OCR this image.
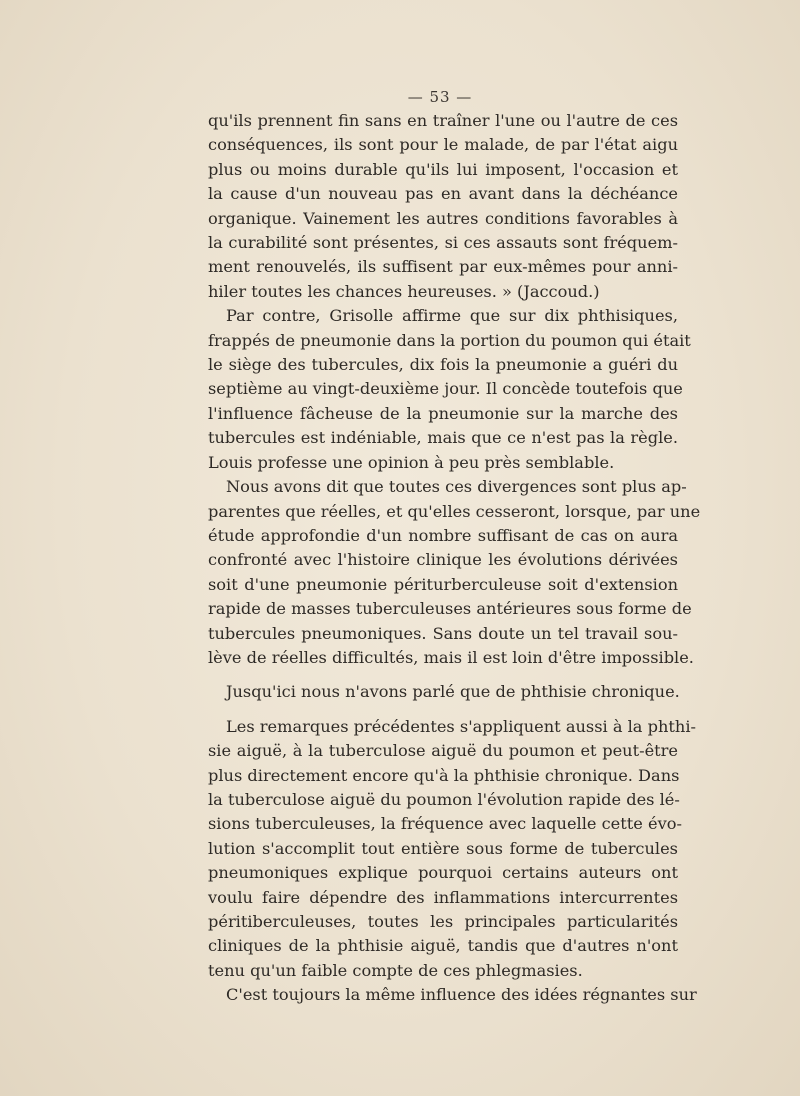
— 53 —

qu'ils prennent fin sans en traîner l'une ou l'autre de ces
conséquences, ils sont pour le malade, de par l'état aigu
plus ou moins durable qu'ils lui imposent, l'occasion et
la cause d'un nouveau pas en avant dans la déchéance
organique. Vainement les autres conditions favorables à
la curabilité sont présentes, si ces assauts sont fréquem-
ment renouvelés, ils suffisent par eux-mêmes pour anni-
hiler toutes les chances heureuses. » (Jaccoud.)

Par contre, Grisolle affirme que sur dix phthisiques,
frappés de pneumonie dans la portion du poumon qui était
le siège des tubercules, dix fois la pneumonie a guéri du
septième au vingt-deuxième jour. Il concède toutefois que
l'influence fâcheuse de la pneumonie sur la marche des
tubercules est indéniable, mais que ce n'est pas la règle.
Louis professe une opinion à peu près semblable.

Nous avons dit que toutes ces divergences sont plus ap-
parentes que réelles, et qu'elles cesseront, lorsque, par une
étude approfondie d'un nombre suffisant de cas on aura
confronté avec l'histoire clinique les évolutions dérivées
soit d'une pneumonie périturberculeuse soit d'extension
rapide de masses tuberculeuses antérieures sous forme de
tubercules pneumoniques. Sans doute un tel travail sou-
lève de réelles difficultés, mais il est loin d'être impossible.

Jusqu'ici nous n'avons parlé que de phthisie chronique.

Les remarques précédentes s'appliquent aussi à la phthi-
sie aiguë, à la tuberculose aiguë du poumon et peut-être
plus directement encore qu'à la phthisie chronique. Dans
la tuberculose aiguë du poumon l'évolution rapide des lé-
sions tuberculeuses, la fréquence avec laquelle cette évo-
lution s'accomplit tout entière sous forme de tubercules
pneumoniques explique pourquoi certains auteurs ont
voulu faire dépendre des inflammations intercurrentes
péritiberculeuses, toutes les principales particularités
cliniques de la phthisie aiguë, tandis que d'autres n'ont
tenu qu'un faible compte de ces phlegmasies.

C'est toujours la même influence des idées régnantes sur
